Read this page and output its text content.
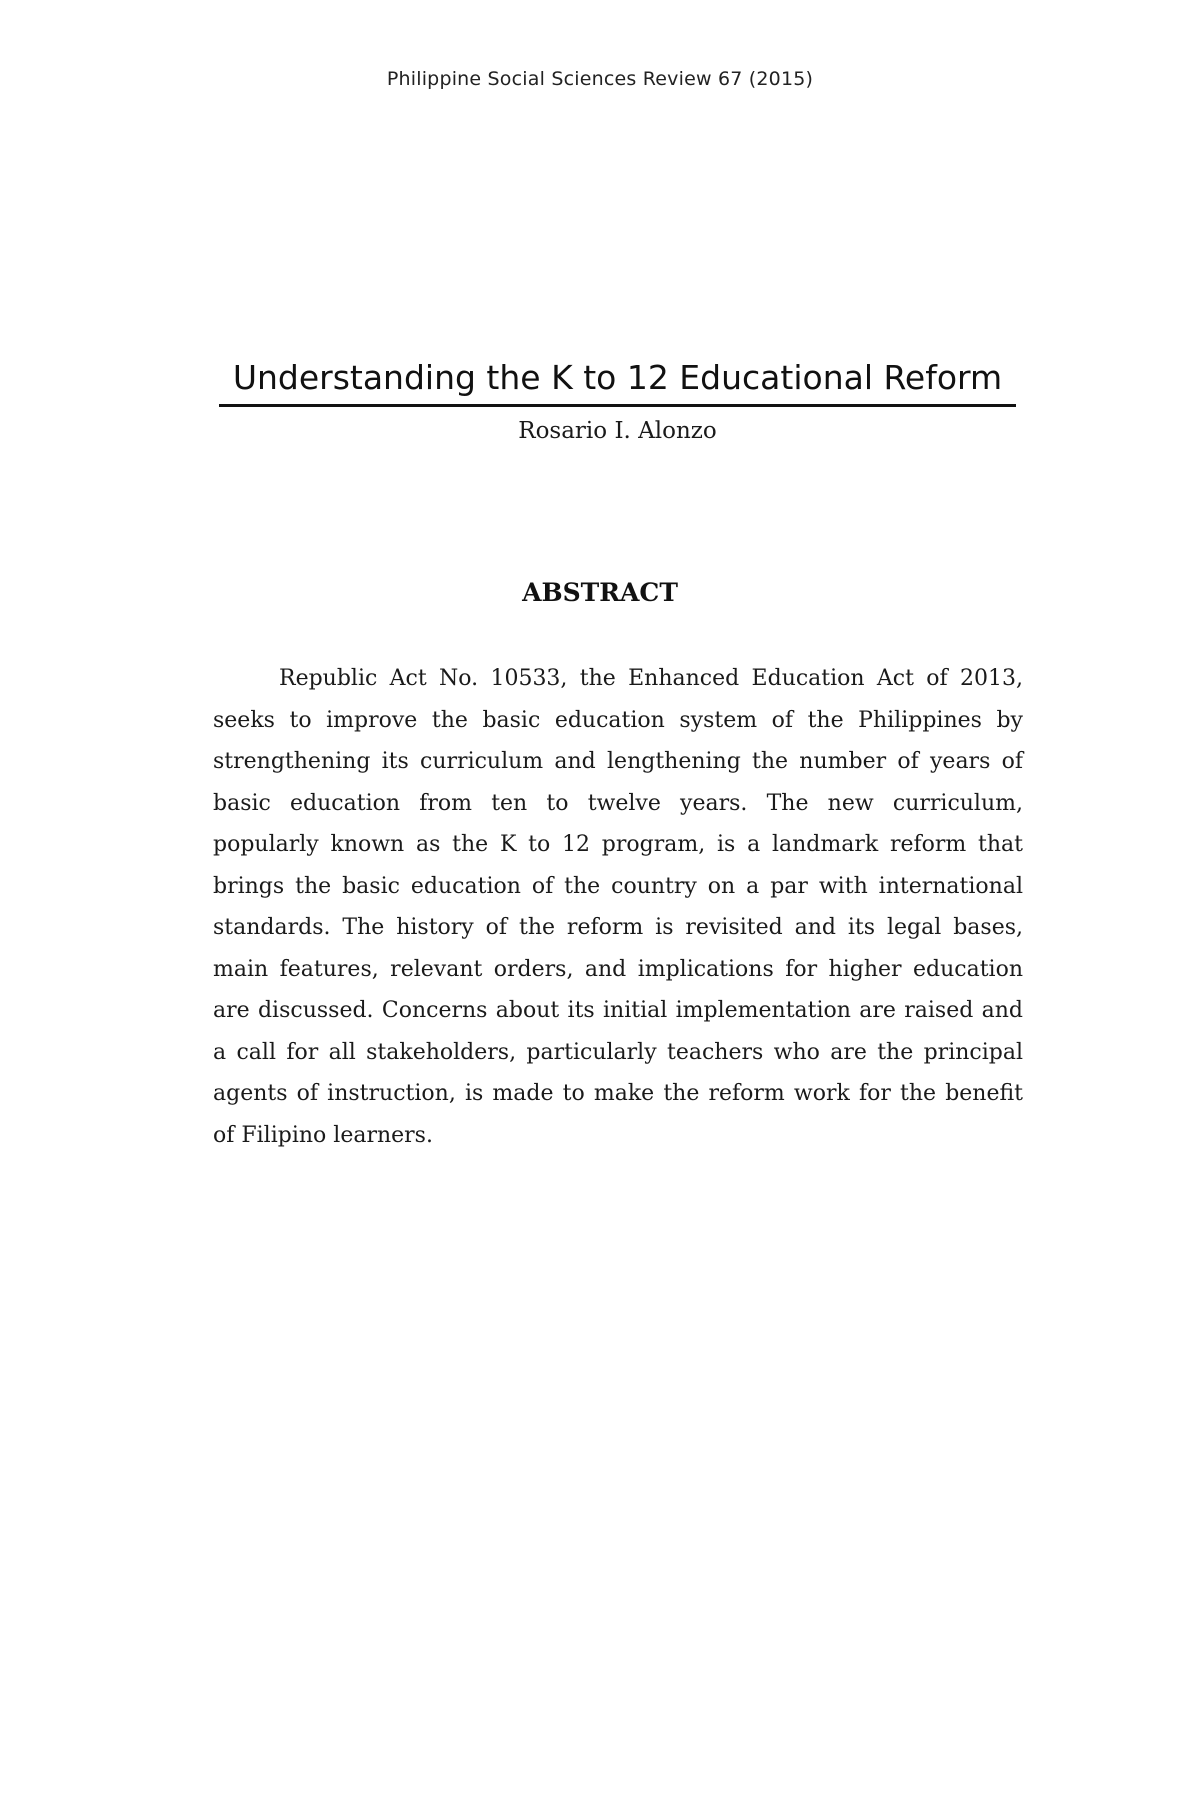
Philippine Social Sciences Review 67 (2015)
Understanding the K to 12 Educational Reform
Rosario I. Alonzo
ABSTRACT

Republic Act No. 10533, the Enhanced Education Act of 2013, seeks to improve the basic education system of the Philippines by strengthening its curriculum and lengthening the number of years of basic education from ten to twelve years. The new curriculum, popularly known as the K to 12 program, is a landmark reform that brings the basic education of the country on a par with international standards. The history of the reform is revisited and its legal bases, main features, relevant orders, and implications for higher education are discussed. Concerns about its initial implementation are raised and a call for all stakeholders, particularly teachers who are the principal agents of instruction, is made to make the reform work for the benefit of Filipino learners.
